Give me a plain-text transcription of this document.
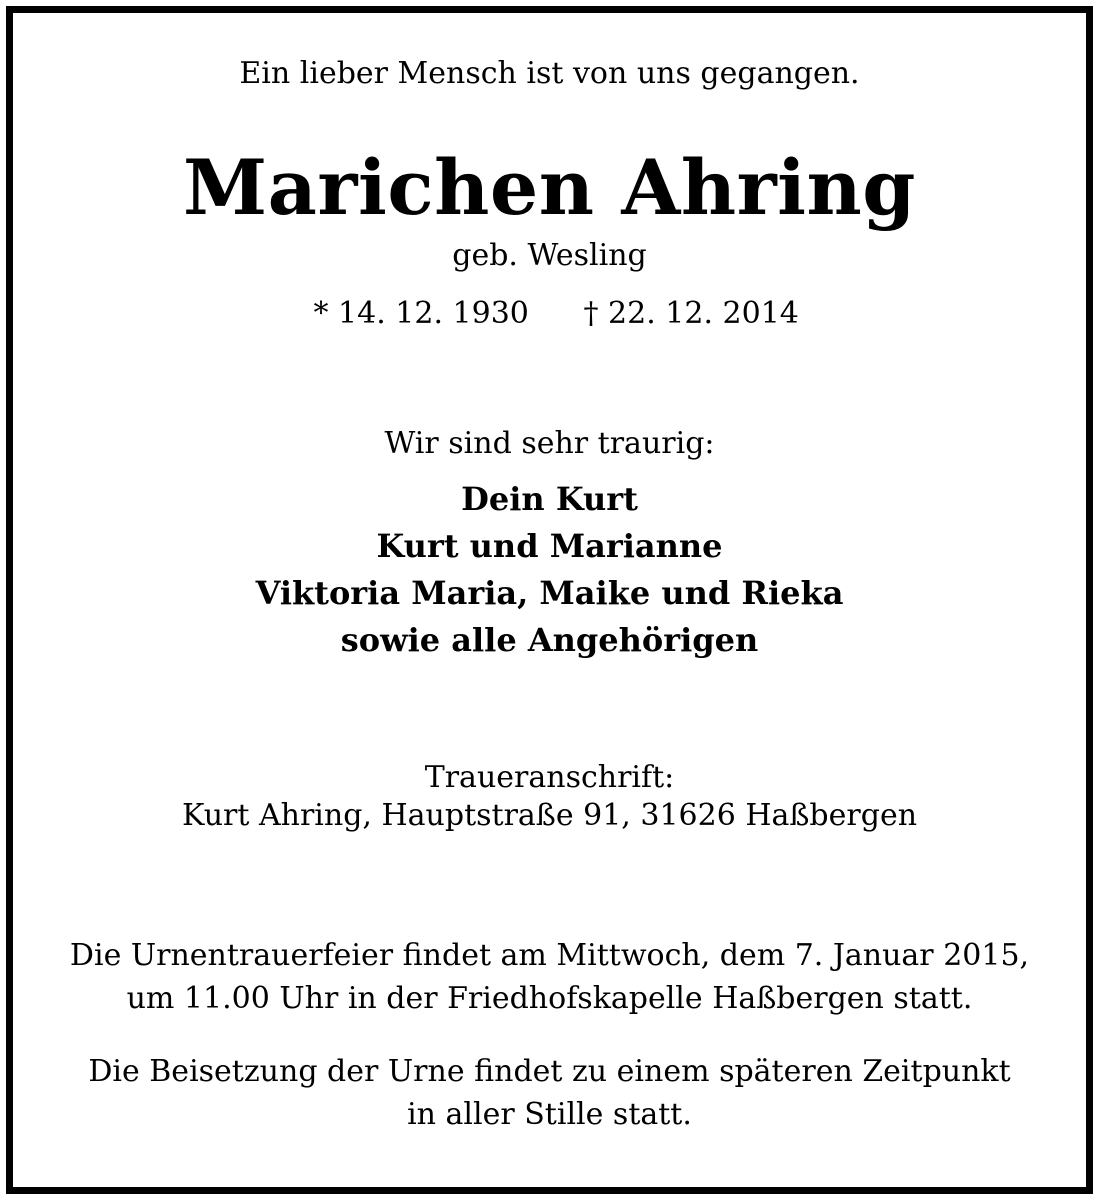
Ein lieber Mensch ist von uns gegangen.
Marichen Ahring
geb. Wesling
* 14. 12. 1930 † 22. 12. 2014
Wir sind sehr traurig:
Dein Kurt
Kurt und Marianne
Viktoria Maria, Maike und Rieka
sowie alle Angehörigen
Traueranschrift:
Kurt Ahring, Hauptstraße 91, 31626 Haßbergen
Die Urnentrauerfeier findet am Mittwoch, dem 7. Januar 2015,
um 11.00 Uhr in der Friedhofskapelle Haßbergen statt.
Die Beisetzung der Urne findet zu einem späteren Zeitpunkt
in aller Stille statt.
